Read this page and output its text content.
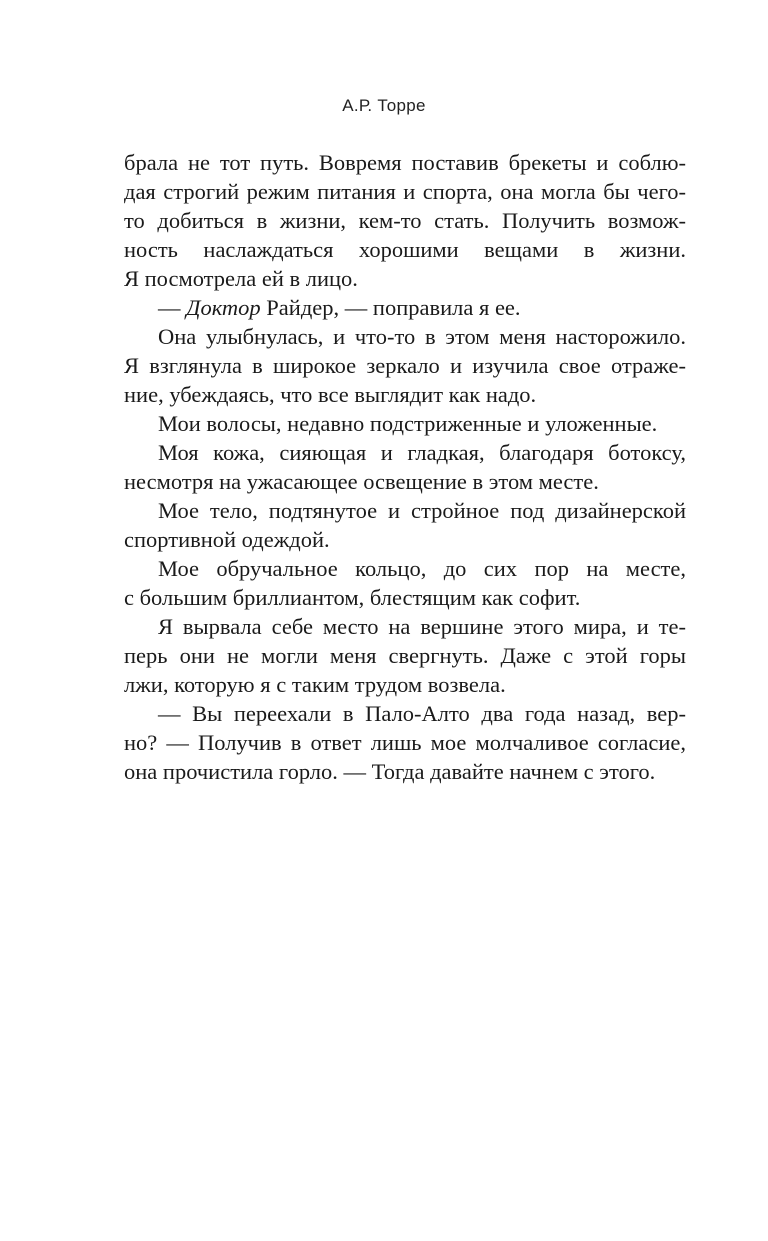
А.Р. Торре

брала не тот путь. Вовремя поставив брекеты и соблю-
дая строгий режим питания и спорта, она могла бы чего-
то добиться в жизни, кем-то стать. Получить возмож-
ность наслаждаться хорошими вещами в жизни.
Я посмотрела ей в лицо.

— Доктор Райдер, — поправила я ее.

Она улыбнулась, и что-то в этом меня насторожило.
Я взглянула в широкое зеркало и изучила свое отраже-
ние, убеждаясь, что все выглядит как надо.

Мои волосы, недавно подстриженные и уложенные.

Моя кожа, сияющая и гладкая, благодаря ботоксу,
несмотря на ужасающее освещение в этом месте.

Мое тело, подтянутое и стройное под дизайнерской
спортивной одеждой.

Мое обручальное кольцо, до сих пор на месте,
с большим бриллиантом, блестящим как софит.

Я вырвала себе место на вершине этого мира, и те-
перь они не могли меня свергнуть. Даже с этой горы
лжи, которую я с таким трудом возвела.

— Вы переехали в Пало-Алто два года назад, вер-
но? — Получив в ответ лишь мое молчаливое согласие,
она прочистила горло. — Тогда давайте начнем с этого.
